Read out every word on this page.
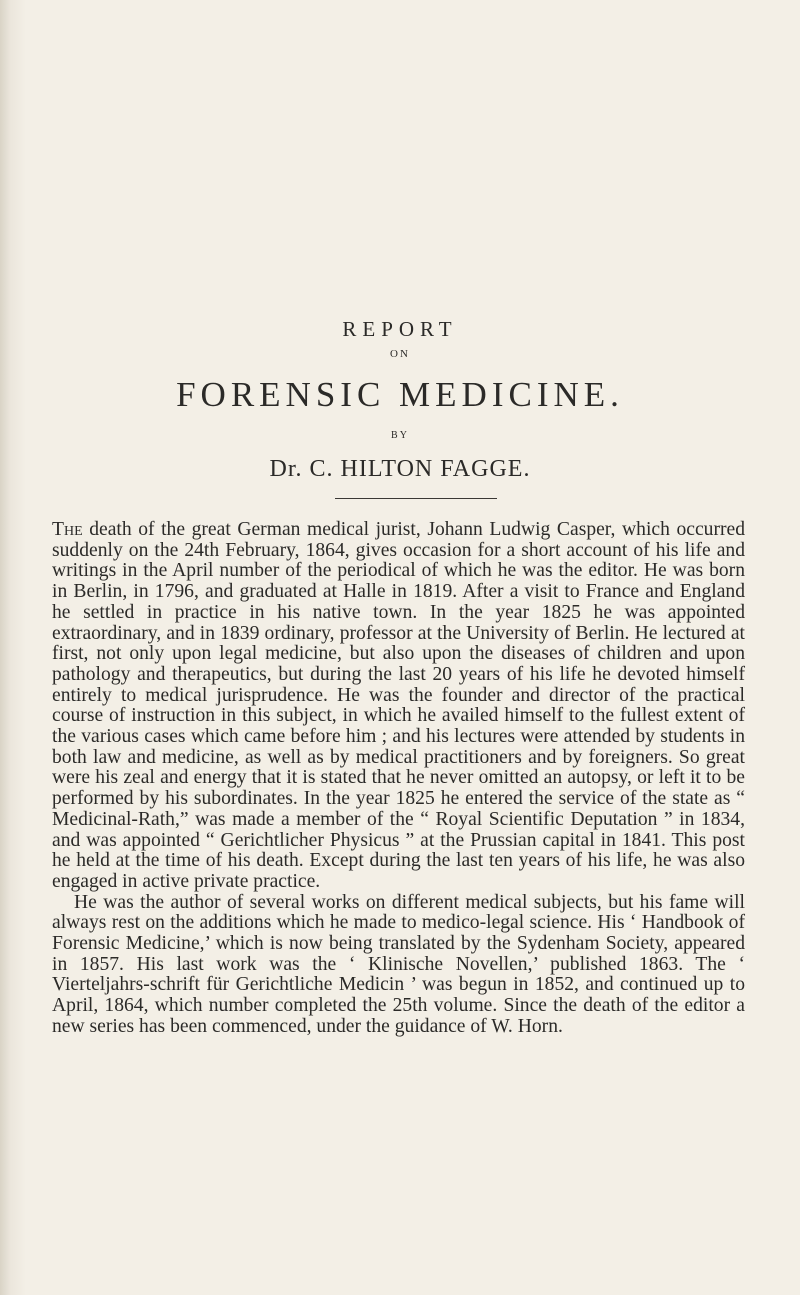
REPORT
ON
FORENSIC MEDICINE.
BY
Dr. C. HILTON FAGGE.

The death of the great German medical jurist, Johann Ludwig Casper, which occurred suddenly on the 24th February, 1864, gives occasion for a short account of his life and writings in the April number of the periodical of which he was the editor. He was born in Berlin, in 1796, and graduated at Halle in 1819. After a visit to France and England he settled in practice in his native town. In the year 1825 he was appointed extraordinary, and in 1839 ordinary, professor at the University of Berlin. He lectured at first, not only upon legal medicine, but also upon the diseases of children and upon pathology and therapeutics, but during the last 20 years of his life he devoted himself entirely to medical jurisprudence. He was the founder and director of the practical course of instruction in this subject, in which he availed himself to the fullest extent of the various cases which came before him ; and his lectures were attended by students in both law and medicine, as well as by medical practitioners and by foreigners. So great were his zeal and energy that it is stated that he never omitted an autopsy, or left it to be performed by his subordinates. In the year 1825 he entered the service of the state as “ Medicinal-Rath,” was made a member of the “ Royal Scientific Deputation ” in 1834, and was appointed “ Gerichtlicher Physicus ” at the Prussian capital in 1841. This post he held at the time of his death. Except during the last ten years of his life, he was also engaged in active private practice.

He was the author of several works on different medical subjects, but his fame will always rest on the additions which he made to medico-legal science. His ‘ Handbook of Forensic Medicine,’ which is now being translated by the Sydenham Society, appeared in 1857. His last work was the ‘ Klinische Novellen,’ published 1863. The ‘ Vierteljahrs-schrift für Gerichtliche Medicin ’ was begun in 1852, and continued up to April, 1864, which number completed the 25th volume. Since the death of the editor a new series has been commenced, under the guidance of W. Horn.
